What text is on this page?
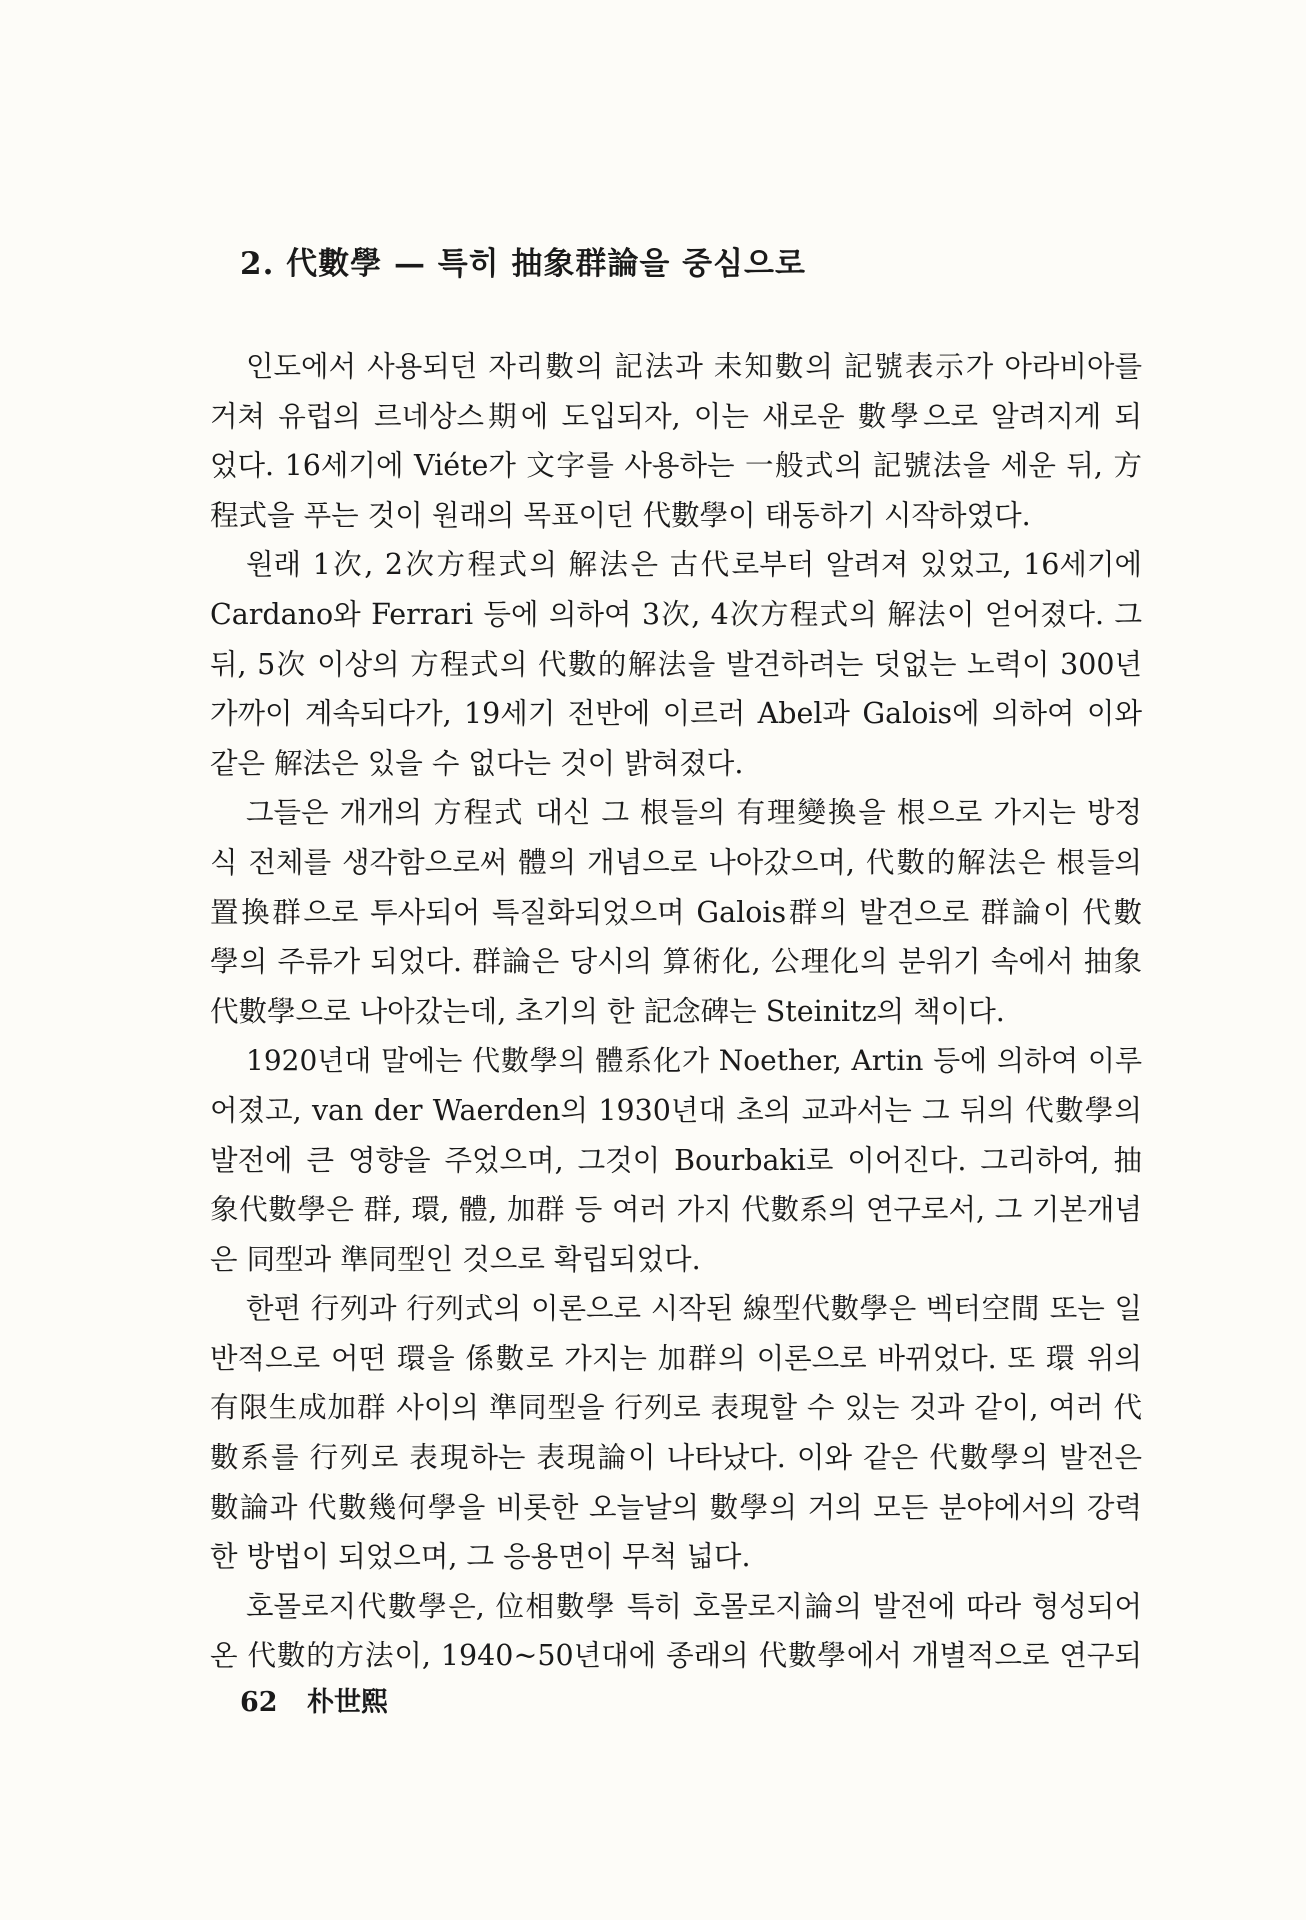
2. 代數學 — 특히 抽象群論을 중심으로
인도에서 사용되던 자리數의 記法과 未知數의 記號表示가 아라비아를
거쳐 유럽의 르네상스期에 도입되자, 이는 새로운 數學으로 알려지게 되
었다. 16세기에 Viéte가 文字를 사용하는 一般式의 記號法을 세운 뒤, 方
程式을 푸는 것이 원래의 목표이던 代數學이 태동하기 시작하였다.
원래 1次, 2次方程式의 解法은 古代로부터 알려져 있었고, 16세기에
Cardano와 Ferrari 등에 의하여 3次, 4次方程式의 解法이 얻어졌다. 그
뒤, 5次 이상의 方程式의 代數的解法을 발견하려는 덧없는 노력이 300년
가까이 계속되다가, 19세기 전반에 이르러 Abel과 Galois에 의하여 이와
같은 解法은 있을 수 없다는 것이 밝혀졌다.
그들은 개개의 方程式 대신 그 根들의 有理變換을 根으로 가지는 방정
식 전체를 생각함으로써 體의 개념으로 나아갔으며, 代數的解法은 根들의
置換群으로 투사되어 특질화되었으며 Galois群의 발견으로 群論이 代數
學의 주류가 되었다. 群論은 당시의 算術化, 公理化의 분위기 속에서 抽象
代數學으로 나아갔는데, 초기의 한 記念碑는 Steinitz의 책이다.
1920년대 말에는 代數學의 體系化가 Noether, Artin 등에 의하여 이루
어졌고, van der Waerden의 1930년대 초의 교과서는 그 뒤의 代數學의
발전에 큰 영향을 주었으며, 그것이 Bourbaki로 이어진다. 그리하여, 抽
象代數學은 群, 環, 體, 加群 등 여러 가지 代數系의 연구로서, 그 기본개념
은 同型과 準同型인 것으로 확립되었다.
한편 行列과 行列式의 이론으로 시작된 線型代數學은 벡터空間 또는 일
반적으로 어떤 環을 係數로 가지는 加群의 이론으로 바뀌었다. 또 環 위의
有限生成加群 사이의 準同型을 行列로 表現할 수 있는 것과 같이, 여러 代
數系를 行列로 表現하는 表現論이 나타났다. 이와 같은 代數學의 발전은
數論과 代數幾何學을 비롯한 오늘날의 數學의 거의 모든 분야에서의 강력
한 방법이 되었으며, 그 응용면이 무척 넓다.
호몰로지代數學은, 位相數學 특히 호몰로지論의 발전에 따라 형성되어
온 代數的方法이, 1940~50년대에 종래의 代數學에서 개별적으로 연구되
62 朴世熙
